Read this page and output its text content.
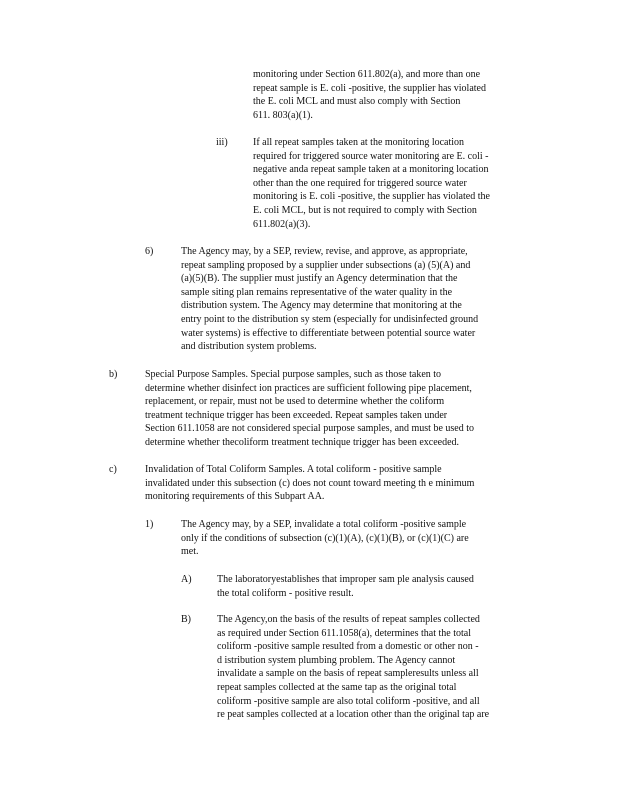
monitoring under Section 611.802(a), and more than one
repeat sample is E. coli -positive, the supplier has violated
the E. coli MCL and must also comply with Section
611. 803(a)(1).
iii)	If all repeat samples taken at the monitoring location
required for triggered source water monitoring are E. coli -
negative anda repeat sample taken at a monitoring location
other than the one required for triggered source water
monitoring is E. coli -positive, the supplier has violated the
E. coli MCL, but is not required to comply with Section
611.802(a)(3).
6)	The Agency may, by a SEP, review, revise, and approve, as appropriate,
repeat sampling proposed by a supplier under subsections (a) (5)(A) and
(a)(5)(B). The supplier must justify an Agency determination that the
sample siting plan remains representative of the water quality in the
distribution system. The Agency may determine that monitoring at the
entry point to the distribution sy stem (especially for undisinfected ground
water systems) is effective to differentiate between potential source water
and distribution system problems.
b)	Special Purpose Samples. Special purpose samples, such as those taken to
determine whether disinfect ion practices are sufficient following pipe placement,
replacement, or repair, must not be used to determine whether the coliform
treatment technique trigger has been exceeded. Repeat samples taken under
Section 611.1058 are not considered special purpose samples, and must be used to
determine whether thecoliform treatment technique trigger has been exceeded.
c)	Invalidation of Total Coliform Samples. A total coliform - positive sample
invalidated under this subsection (c) does not count toward meeting th e minimum
monitoring requirements of this Subpart AA.
1)	The Agency may, by a SEP, invalidate a total coliform -positive sample
only if the conditions of subsection (c)(1)(A), (c)(1)(B), or (c)(1)(C) are
met.
A)	The laboratoryestablishes that improper sam ple analysis caused
the total coliform - positive result.
B)	The Agency,on the basis of the results of repeat samples collected
as required under Section 611.1058(a), determines that the total
coliform -positive sample resulted from a domestic or other non -
d istribution system plumbing problem. The Agency cannot
invalidate a sample on the basis of repeat sampleresults unless all
repeat samples collected at the same tap as the original total
coliform -positive sample are also total coliform -positive, and all
re peat samples collected at a location other than the original tap are
